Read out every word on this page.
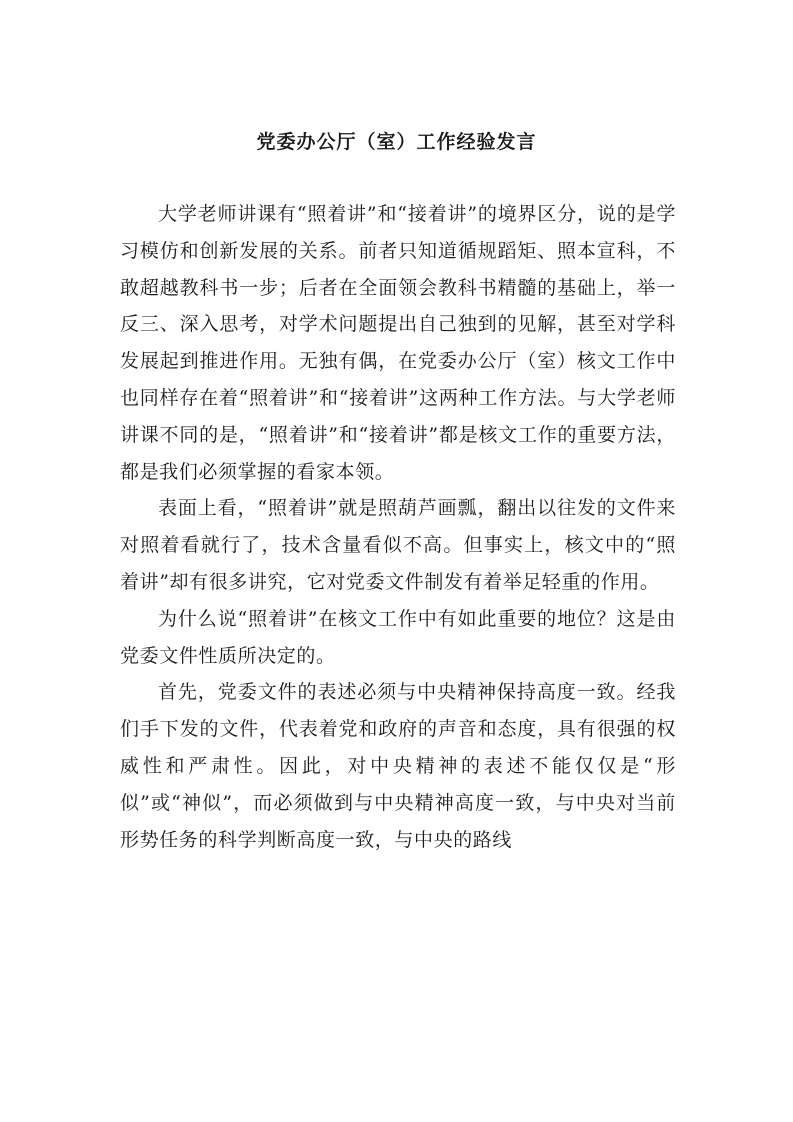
党委办公厅（室）工作经验发言

大学老师讲课有“照着讲”和“接着讲”的境界区分，说的是学习模仿和创新发展的关系。前者只知道循规蹈矩、照本宣科，不敢超越教科书一步；后者在全面领会教科书精髓的基础上，举一反三、深入思考，对学术问题提出自己独到的见解，甚至对学科发展起到推进作用。无独有偶，在党委办公厅（室）核文工作中也同样存在着“照着讲”和“接着讲”这两种工作方法。与大学老师讲课不同的是，“照着讲”和“接着讲”都是核文工作的重要方法，都是我们必须掌握的看家本领。

表面上看，“照着讲”就是照葫芦画瓢，翻出以往发的文件来对照着看就行了，技术含量看似不高。但事实上，核文中的“照着讲”却有很多讲究，它对党委文件制发有着举足轻重的作用。

为什么说“照着讲”在核文工作中有如此重要的地位？这是由党委文件性质所决定的。

首先，党委文件的表述必须与中央精神保持高度一致。经我们手下发的文件，代表着党和政府的声音和态度，具有很强的权威性和严肃性。因此，对中央精神的表述不能仅仅是“形似”或“神似”，而必须做到与中央精神高度一致，与中央对当前形势任务的科学判断高度一致，与中央的路线
